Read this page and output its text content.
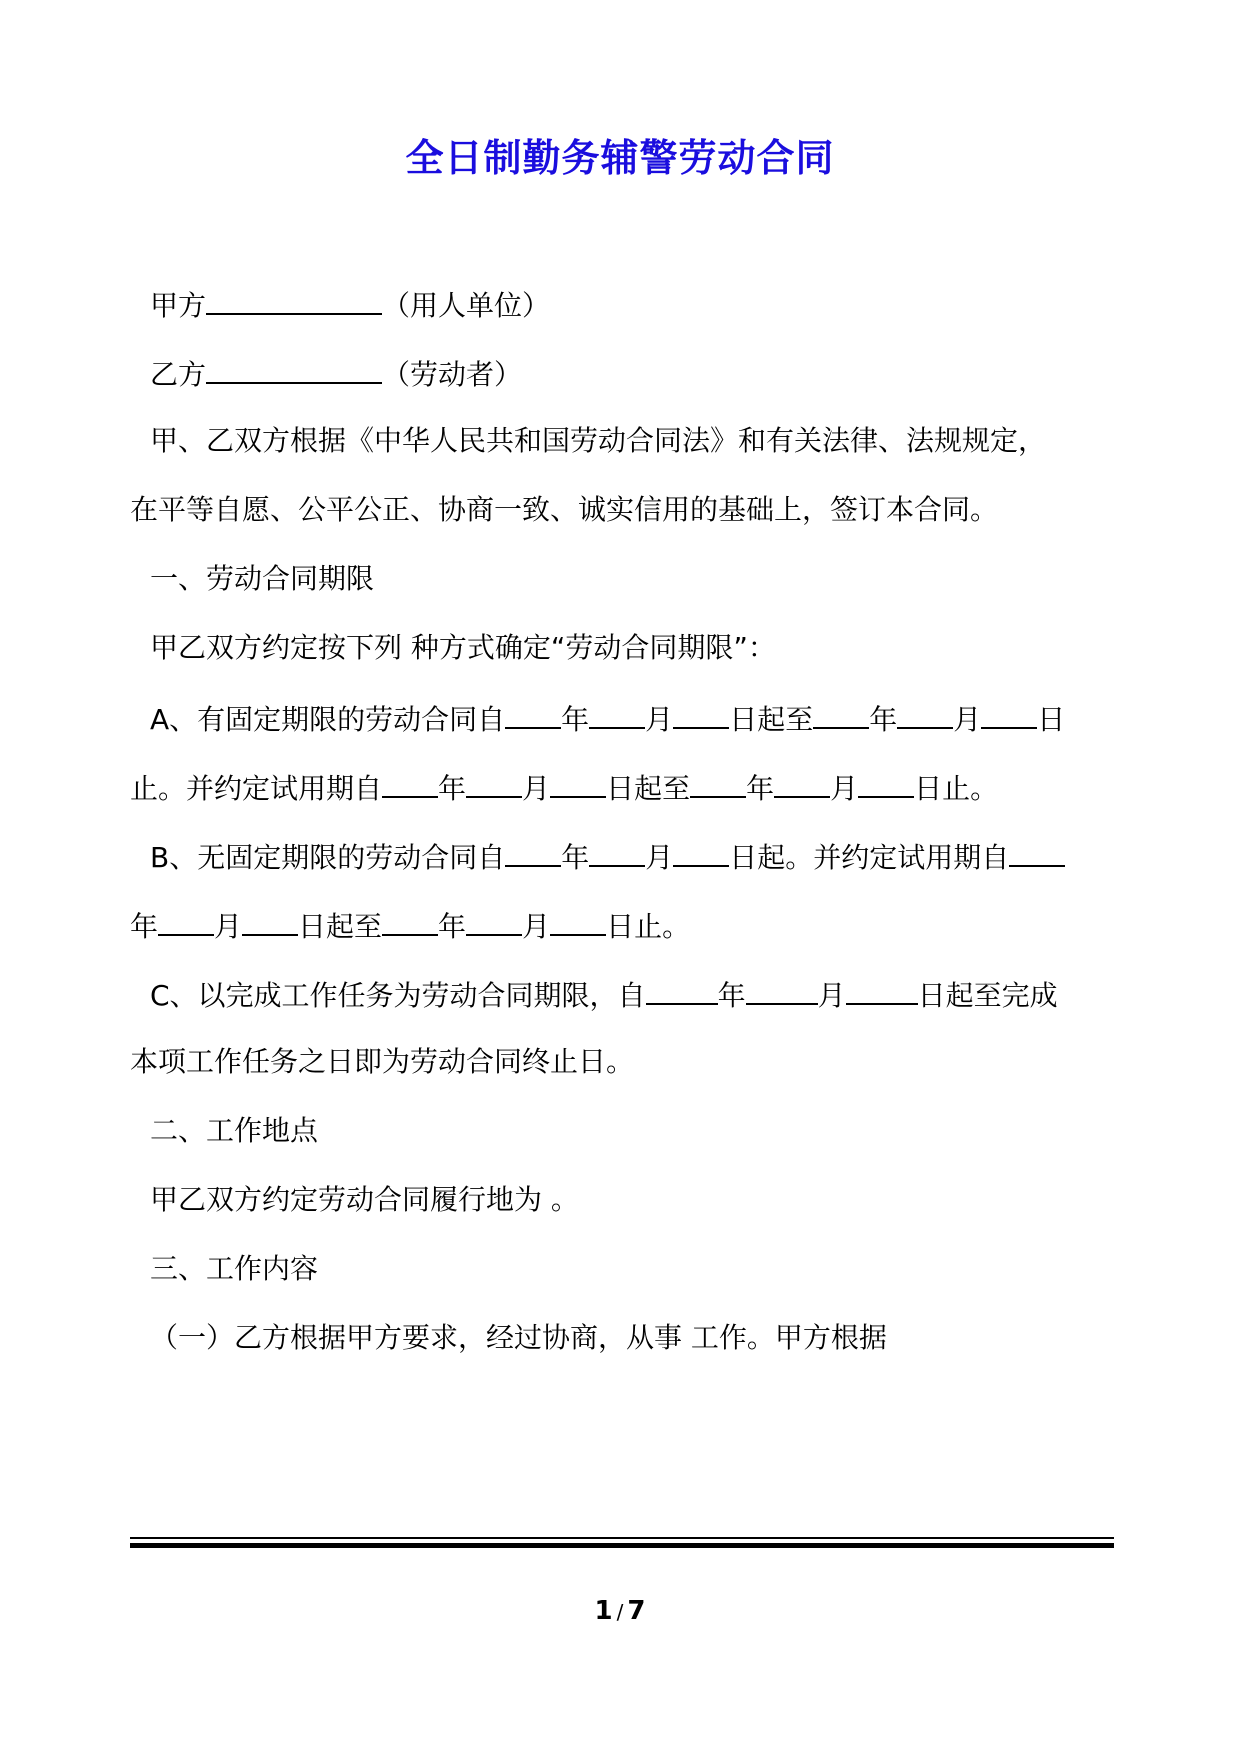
全日制勤务辅警劳动合同
甲方	（用人单位）
乙方	（劳动者）
甲、乙双方根据《中华人民共和国劳动合同法》和有关法律、法规规定，
在平等自愿、公平公正、协商一致、诚实信用的基础上，签订本合同。
一、劳动合同期限
甲乙双方约定按下列 种方式确定“劳动合同期限”：
A、有固定期限的劳动合同自 年 月 日起至 年 月 日
止。并约定试用期自 年 月 日起至 年 月 日止。
B、无固定期限的劳动合同自 年 月 日起。并约定试用期自
年 月 日起至 年 月 日止。
C、以完成工作任务为劳动合同期限，自	年	月	日起至完成
本项工作任务之日即为劳动合同终止日。
二、工作地点
甲乙双方约定劳动合同履行地为 。
三、工作内容
（一）乙方根据甲方要求，经过协商，从事 工作。甲方根据
1 / 7
